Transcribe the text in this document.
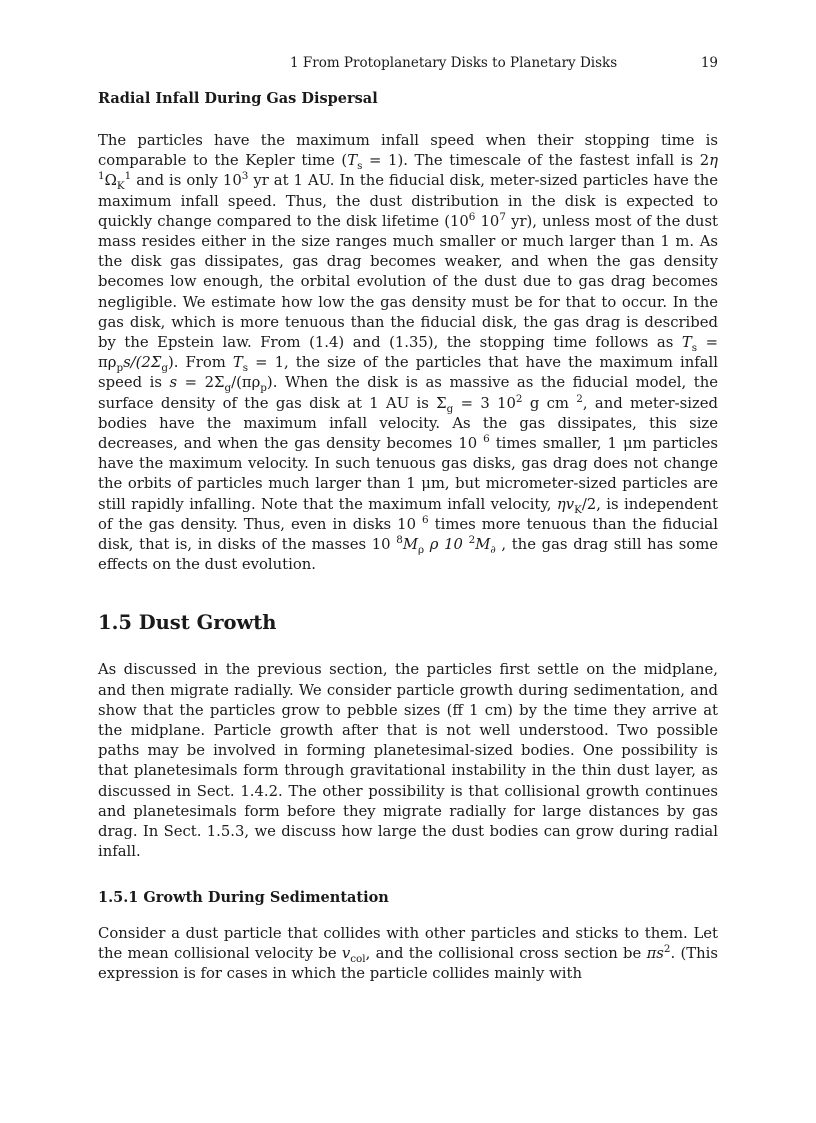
1 From Protoplanetary Disks to Planetary Disks	19

Radial Infall During Gas Dispersal

The particles have the maximum infall speed when their stopping time is comparable to the Kepler time $(T_s = 1)$. The timescale of the fastest infall is 2η $^1\Omega_K^1$ and is only $10^3$ yr at 1 AU. In the fiducial disk, meter-sized particles have the maximum infall speed. Thus, the dust distribution in the disk is expected to quickly change compared to the disk lifetime ($10^6$ $10^7$ yr), unless most of the dust mass resides either in the size ranges much smaller or much larger than 1 m. As the disk gas dissipates, gas drag becomes weaker, and when the gas density becomes low enough, the orbital evolution of the dust due to gas drag becomes negligible. We estimate how low the gas density must be for that to occur. In the gas disk, which is more tenuous than the fiducial disk, the gas drag is described by the Epstein law. From (1.4) and (1.35), the stopping time follows as $T_s = \pi\rho_ps/(2\Sigma_g)$. From $T_s = 1$, the size of the particles that have the maximum infall speed is $s = 2\Sigma_g/(\pi\rho_p)$. When the disk is as massive as the fiducial model, the surface density of the gas disk at 1 AU is $\Sigma_g = 3$ $10^2$ g cm $^2$, and meter-sized bodies have the maximum infall velocity. As the gas dissipates, this size decreases, and when the gas density becomes 10 $^6$ times smaller, 1 μm particles have the maximum velocity. In such tenuous gas disks, gas drag does not change the orbits of particles much larger than 1 μm, but micrometer-sized particles are still rapidly infalling. Note that the maximum infall velocity, $\eta v_K/2$, is independent of the gas density. Thus, even in disks 10 $^6$ times more tenuous than the fiducial disk, that is, in disks of the masses 10 $^8M_\rho$ ρ 10 $^2M_\partial$ , the gas drag still has some effects on the dust evolution.

1.5 Dust Growth

As discussed in the previous section, the particles first settle on the midplane, and then migrate radially. We consider particle growth during sedimentation, and show that the particles grow to pebble sizes (ff 1 cm) by the time they arrive at the midplane. Particle growth after that is not well understood. Two possible paths may be involved in forming planetesimal-sized bodies. One possibility is that planetesimals form through gravitational instability in the thin dust layer, as discussed in Sect. 1.4.2. The other possibility is that collisional growth continues and planetesimals form before they migrate radially for large distances by gas drag. In Sect. 1.5.3, we discuss how large the dust bodies can grow during radial infall.

1.5.1 Growth During Sedimentation

Consider a dust particle that collides with other particles and sticks to them. Let the mean collisional velocity be $v_{col}$, and the collisional cross section be $\pi s^2$. (This expression is for cases in which the particle collides mainly with
